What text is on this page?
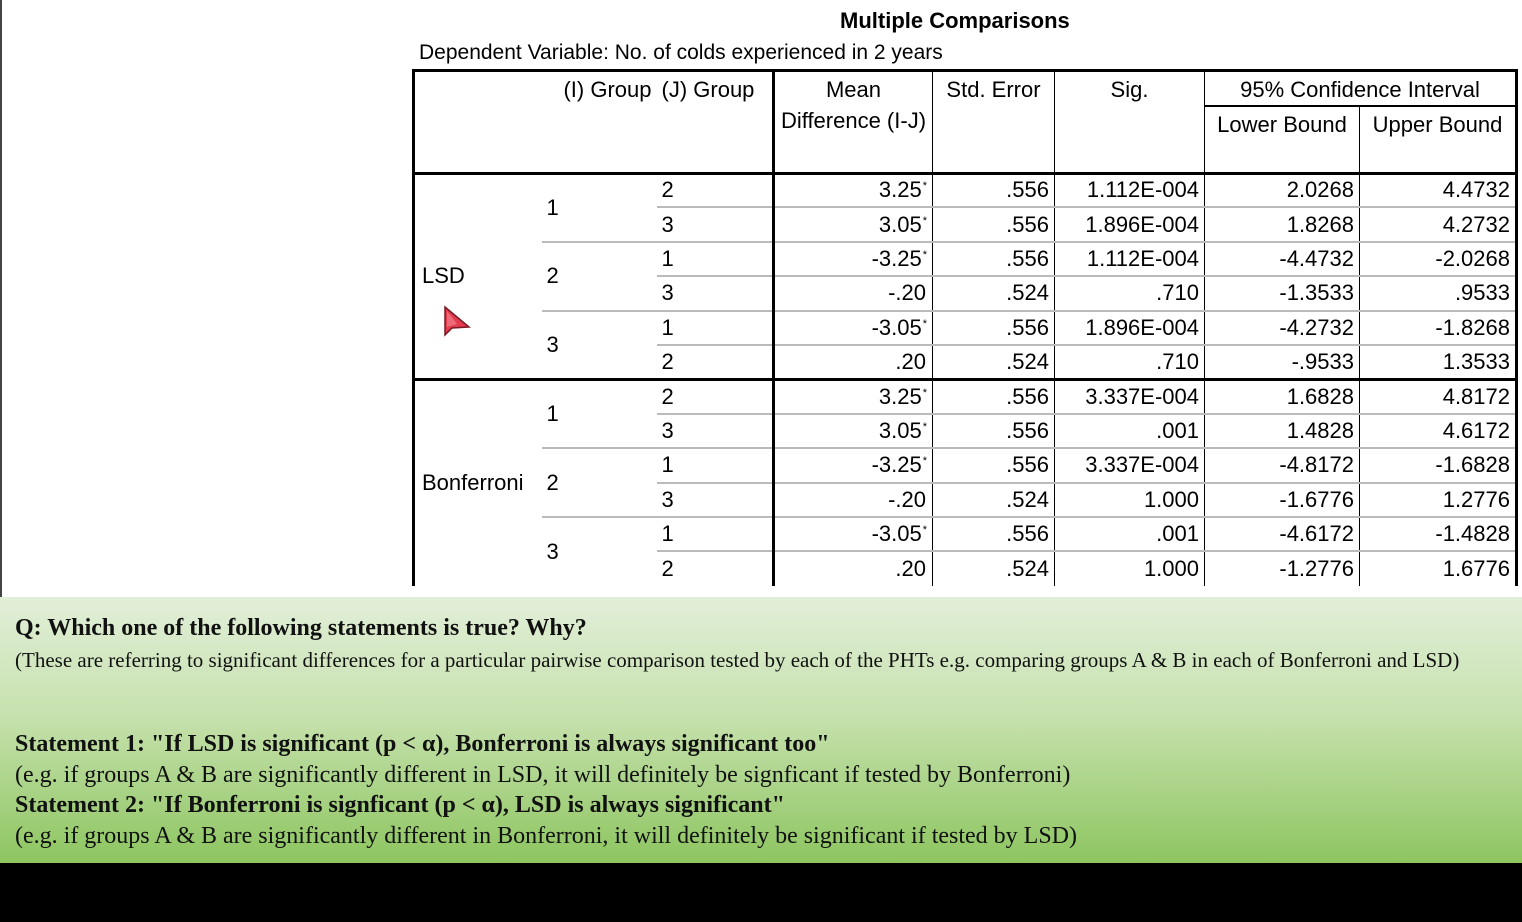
Multiple Comparisons
Dependent Variable: No. of colds experienced in 2 years
	(I) Group	(J) Group	Mean Difference (I-J)	Std. Error	Sig.	95% Confidence Interval	
						Lower Bound	Upper Bound
LSD	1	2	3.25*	.556	1.112E-004	2.0268	4.4732
		3	3.05*	.556	1.896E-004	1.8268	4.2732
	2	1	-3.25*	.556	1.112E-004	-4.4732	-2.0268
		3	-.20	.524	.710	-1.3533	.9533
	3	1	-3.05*	.556	1.896E-004	-4.2732	-1.8268
		2	.20	.524	.710	-.9533	1.3533
Bonferroni	1	2	3.25*	.556	3.337E-004	1.6828	4.8172
		3	3.05*	.556	.001	1.4828	4.6172
	2	1	-3.25*	.556	3.337E-004	-4.8172	-1.6828
		3	-.20	.524	1.000	-1.6776	1.2776
	3	1	-3.05*	.556	.001	-4.6172	-1.4828
		2	.20	.524	1.000	-1.2776	1.6776

Q: Which one of the following statements is true? Why?

(These are referring to significant differences for a particular pairwise comparison tested by each of the PHTs e.g. comparing groups A & B in each of Bonferroni and LSD)

Statement 1: "If LSD is significant (p < α), Bonferroni is always significant too"

(e.g. if groups A & B are significantly different in LSD, it will definitely be signficant if tested by Bonferroni)

Statement 2: "If Bonferroni is signficant (p < α), LSD is always significant"

(e.g. if groups A & B are significantly different in Bonferroni, it will definitely be significant if tested by LSD)
